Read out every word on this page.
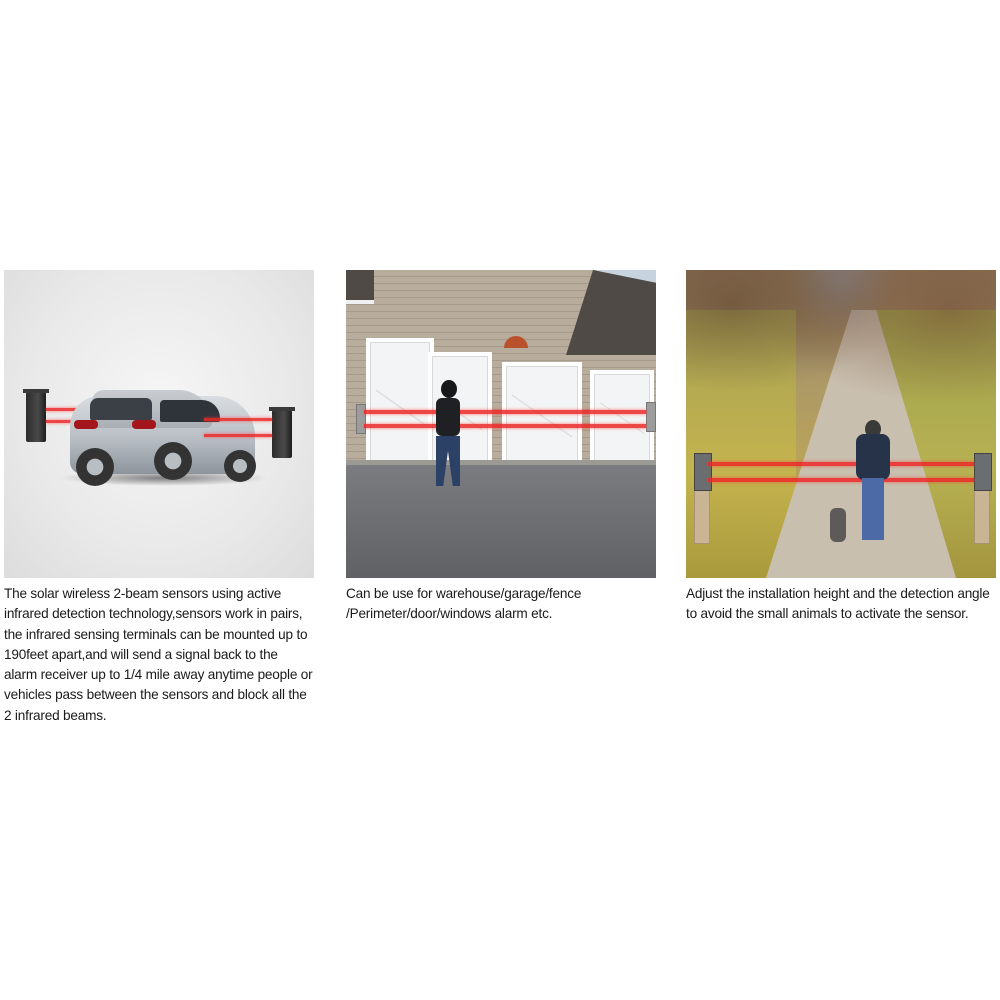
The solar wireless 2-beam sensors using active infrared detection technology,sensors work in pairs, the infrared sensing terminals can be mounted up to 190feet apart,and will send a signal back to the alarm receiver up to 1/4 mile away anytime people or vehicles pass between the sensors and block all the 2 infrared beams.
Can be use for warehouse/garage/fence /Perimeter/door/windows alarm etc.
Adjust the installation height and the detection angle to avoid the small animals to activate the sensor.
